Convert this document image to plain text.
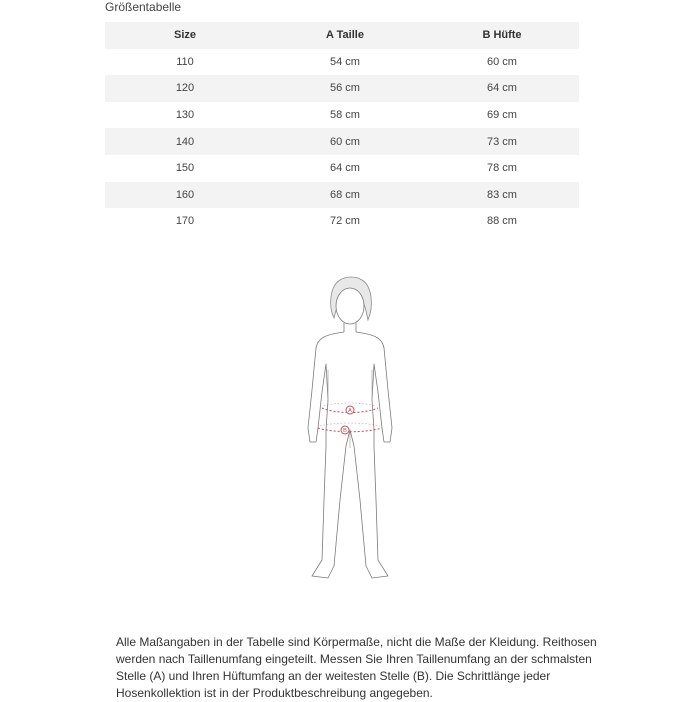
Größentabelle
Size	A Taille	B Hüfte
110	54 cm	60 cm
120	56 cm	64 cm
130	58 cm	69 cm
140	60 cm	73 cm
150	64 cm	78 cm
160	68 cm	83 cm
170	72 cm	88 cm
A
B
Alle Maßangaben in der Tabelle sind Körpermaße, nicht die Maße der Kleidung. Reithosen werden nach Taillenumfang eingeteilt. Messen Sie Ihren Taillenumfang an der schmalsten Stelle (A) und Ihren Hüftumfang an der weitesten Stelle (B). Die Schrittlänge jeder Hosenkollektion ist in der Produktbeschreibung angegeben.
